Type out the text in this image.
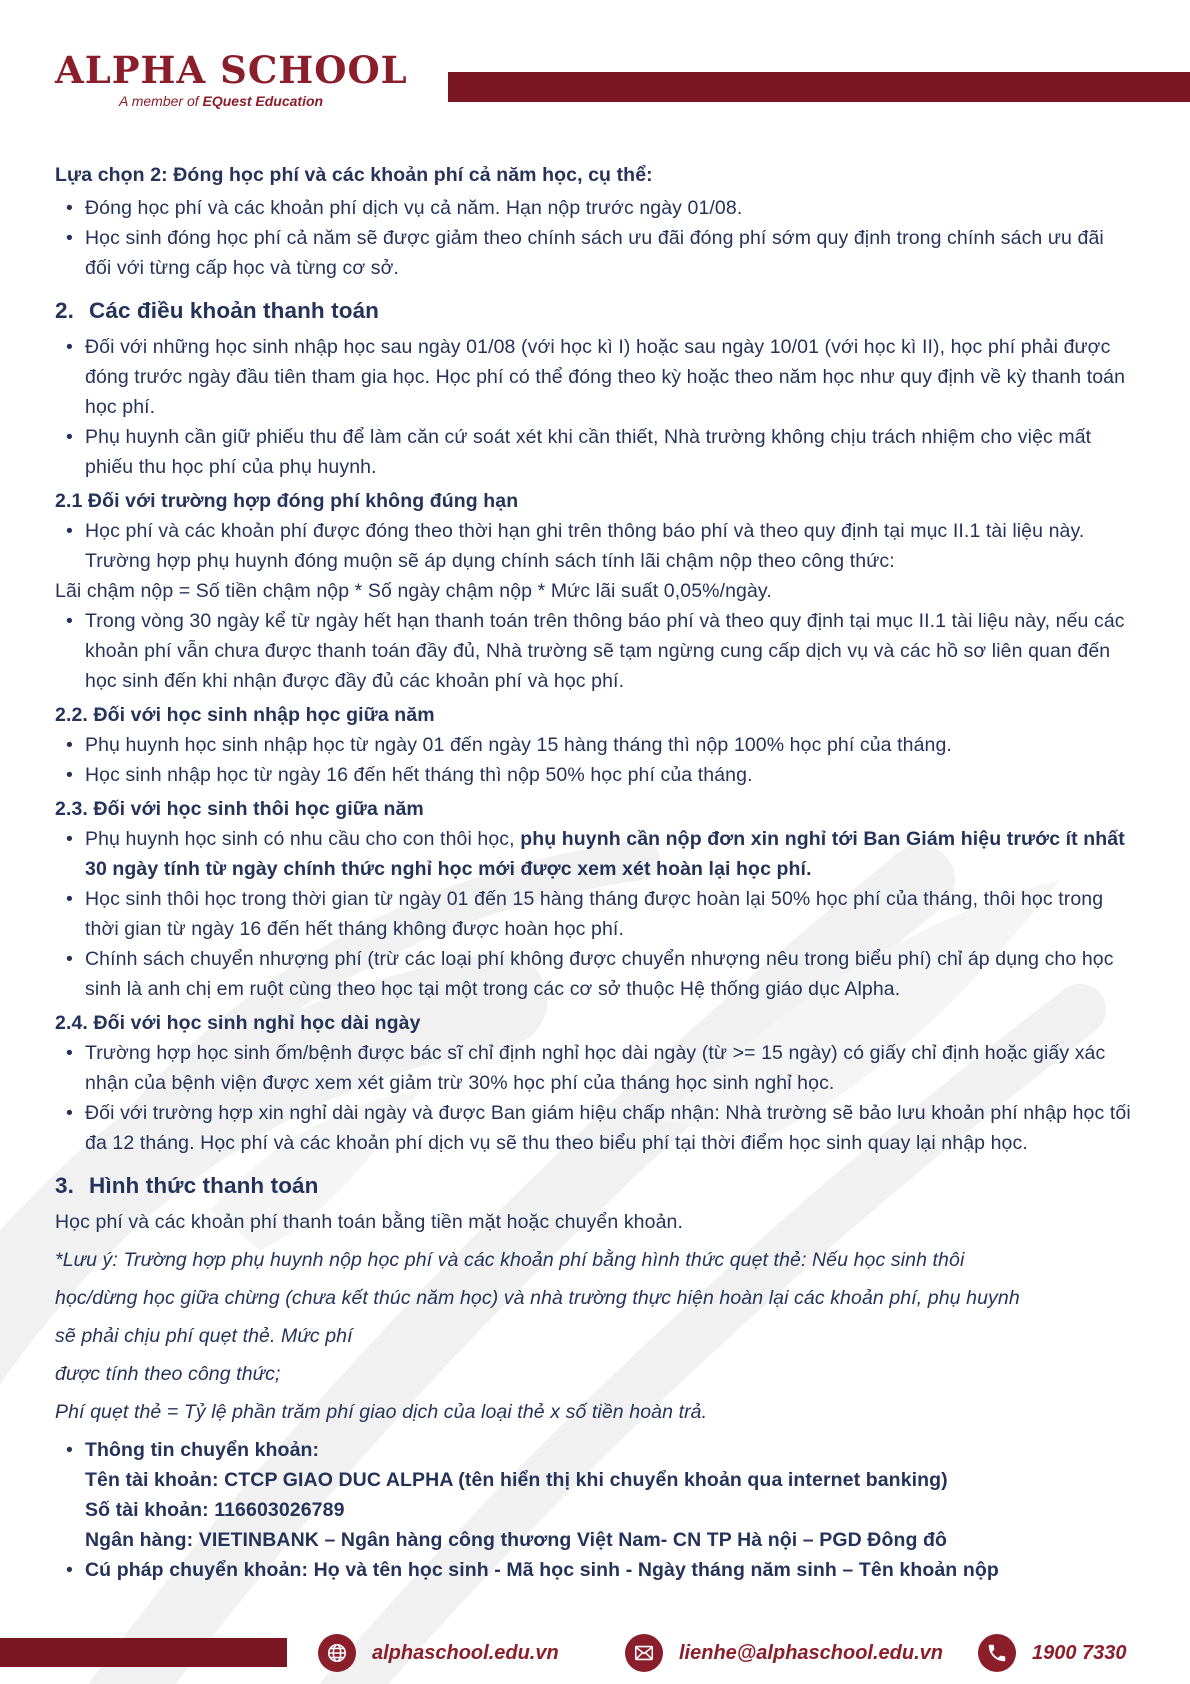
ALPHA SCHOOL
A member of EQuest Education
Lựa chọn 2: Đóng học phí và các khoản phí cả năm học, cụ thể:
• Đóng học phí và các khoản phí dịch vụ cả năm. Hạn nộp trước ngày 01/08.
• Học sinh đóng học phí cả năm sẽ được giảm theo chính sách ưu đãi đóng phí sớm quy định trong chính sách ưu đãi đối với từng cấp học và từng cơ sở.
2. Các điều khoản thanh toán
• Đối với những học sinh nhập học sau ngày 01/08 (với học kì I) hoặc sau ngày 10/01 (với học kì II), học phí phải được đóng trước ngày đầu tiên tham gia học. Học phí có thể đóng theo kỳ hoặc theo năm học như quy định về kỳ thanh toán học phí.
• Phụ huynh cần giữ phiếu thu để làm căn cứ soát xét khi cần thiết, Nhà trường không chịu trách nhiệm cho việc mất phiếu thu học phí của phụ huynh.
2.1 Đối với trường hợp đóng phí không đúng hạn
• Học phí và các khoản phí được đóng theo thời hạn ghi trên thông báo phí và theo quy định tại mục II.1 tài liệu này. Trường hợp phụ huynh đóng muộn sẽ áp dụng chính sách tính lãi chậm nộp theo công thức:
Lãi chậm nộp = Số tiền chậm nộp * Số ngày chậm nộp * Mức lãi suất 0,05%/ngày.
• Trong vòng 30 ngày kể từ ngày hết hạn thanh toán trên thông báo phí và theo quy định tại mục II.1 tài liệu này, nếu các khoản phí vẫn chưa được thanh toán đầy đủ, Nhà trường sẽ tạm ngừng cung cấp dịch vụ và các hồ sơ liên quan đến học sinh đến khi nhận được đầy đủ các khoản phí và học phí.
2.2. Đối với học sinh nhập học giữa năm
• Phụ huynh học sinh nhập học từ ngày 01 đến ngày 15 hàng tháng thì nộp 100% học phí của tháng.
• Học sinh nhập học từ ngày 16 đến hết tháng thì nộp 50% học phí của tháng.
2.3. Đối với học sinh thôi học giữa năm
• Phụ huynh học sinh có nhu cầu cho con thôi học, phụ huynh cần nộp đơn xin nghỉ tới Ban Giám hiệu trước ít nhất 30 ngày tính từ ngày chính thức nghỉ học mới được xem xét hoàn lại học phí.
• Học sinh thôi học trong thời gian từ ngày 01 đến 15 hàng tháng được hoàn lại 50% học phí của tháng, thôi học trong thời gian từ ngày 16 đến hết tháng không được hoàn học phí.
• Chính sách chuyển nhượng phí (trừ các loại phí không được chuyển nhượng nêu trong biểu phí) chỉ áp dụng cho học sinh là anh chị em ruột cùng theo học tại một trong các cơ sở thuộc Hệ thống giáo dục Alpha.
2.4. Đối với học sinh nghỉ học dài ngày
• Trường hợp học sinh ốm/bệnh được bác sĩ chỉ định nghỉ học dài ngày (từ >= 15 ngày) có giấy chỉ định hoặc giấy xác nhận của bệnh viện được xem xét giảm trừ 30% học phí của tháng học sinh nghỉ học.
• Đối với trường hợp xin nghỉ dài ngày và được Ban giám hiệu chấp nhận: Nhà trường sẽ bảo lưu khoản phí nhập học tối đa 12 tháng. Học phí và các khoản phí dịch vụ sẽ thu theo biểu phí tại thời điểm học sinh quay lại nhập học.
3. Hình thức thanh toán
Học phí và các khoản phí thanh toán bằng tiền mặt hoặc chuyển khoản.
*Lưu ý: Trường hợp phụ huynh nộp học phí và các khoản phí bằng hình thức quẹt thẻ: Nếu học sinh thôi
học/dừng học giữa chừng (chưa kết thúc năm học) và nhà trường thực hiện hoàn lại các khoản phí, phụ huynh
sẽ phải chịu phí quẹt thẻ. Mức phí
được tính theo công thức;
Phí quẹt thẻ = Tỷ lệ phần trăm phí giao dịch của loại thẻ x số tiền hoàn trả.
• Thông tin chuyển khoản:
Tên tài khoản: CTCP GIAO DUC ALPHA (tên hiển thị khi chuyển khoản qua internet banking)
Số tài khoản: 116603026789
Ngân hàng: VIETINBANK – Ngân hàng công thương Việt Nam- CN TP Hà nội – PGD Đông đô
• Cú pháp chuyển khoản: Họ và tên học sinh - Mã học sinh - Ngày tháng năm sinh – Tên khoản nộp
alphaschool.edu.vn	lienhe@alphaschool.edu.vn	1900 7330
